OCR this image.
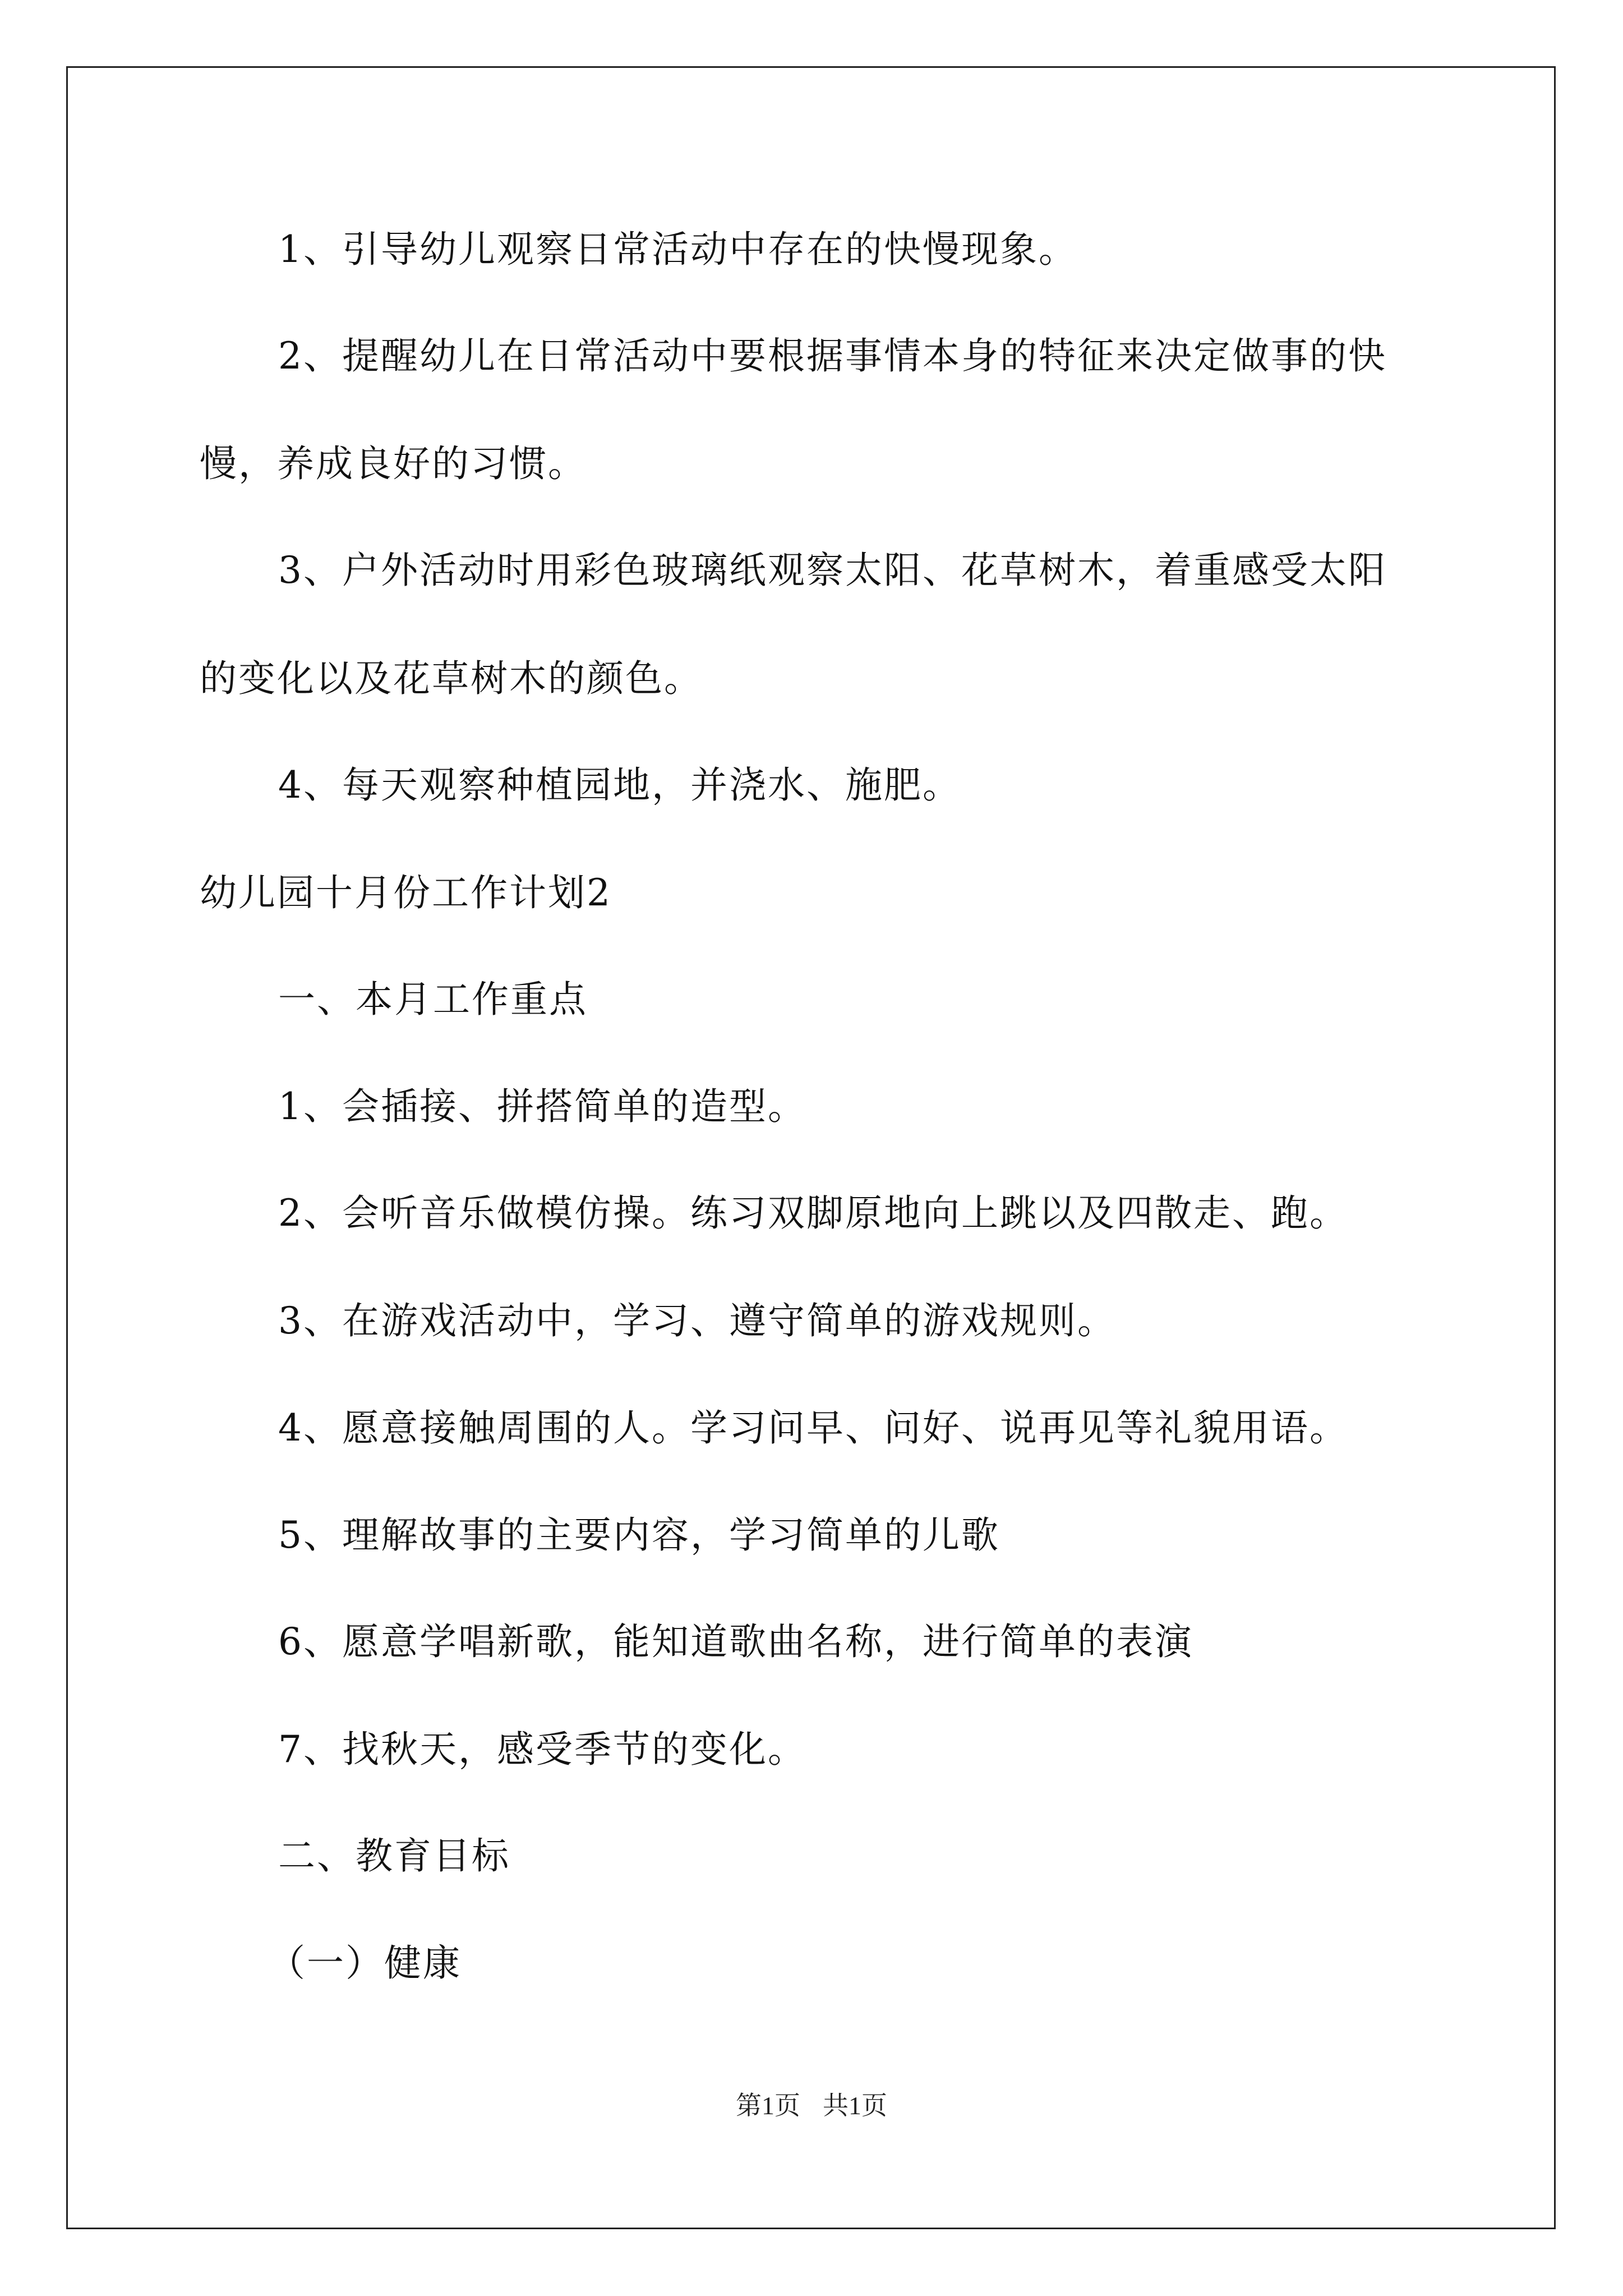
1、引导幼儿观察日常活动中存在的快慢现象。
2、提醒幼儿在日常活动中要根据事情本身的特征来决定做事的快
慢，养成良好的习惯。
3、户外活动时用彩色玻璃纸观察太阳、花草树木，着重感受太阳
的变化以及花草树木的颜色。
4、每天观察种植园地，并浇水、施肥。
幼儿园十月份工作计划2
一、本月工作重点
1、会插接、拼搭简单的造型。
2、会听音乐做模仿操。练习双脚原地向上跳以及四散走、跑。
3、在游戏活动中，学习、遵守简单的游戏规则。
4、愿意接触周围的人。学习问早、问好、说再见等礼貌用语。
5、理解故事的主要内容，学习简单的儿歌
6、愿意学唱新歌，能知道歌曲名称，进行简单的表演
7、找秋天，感受季节的变化。
二、教育目标
（一）健康
第1页 共1页
